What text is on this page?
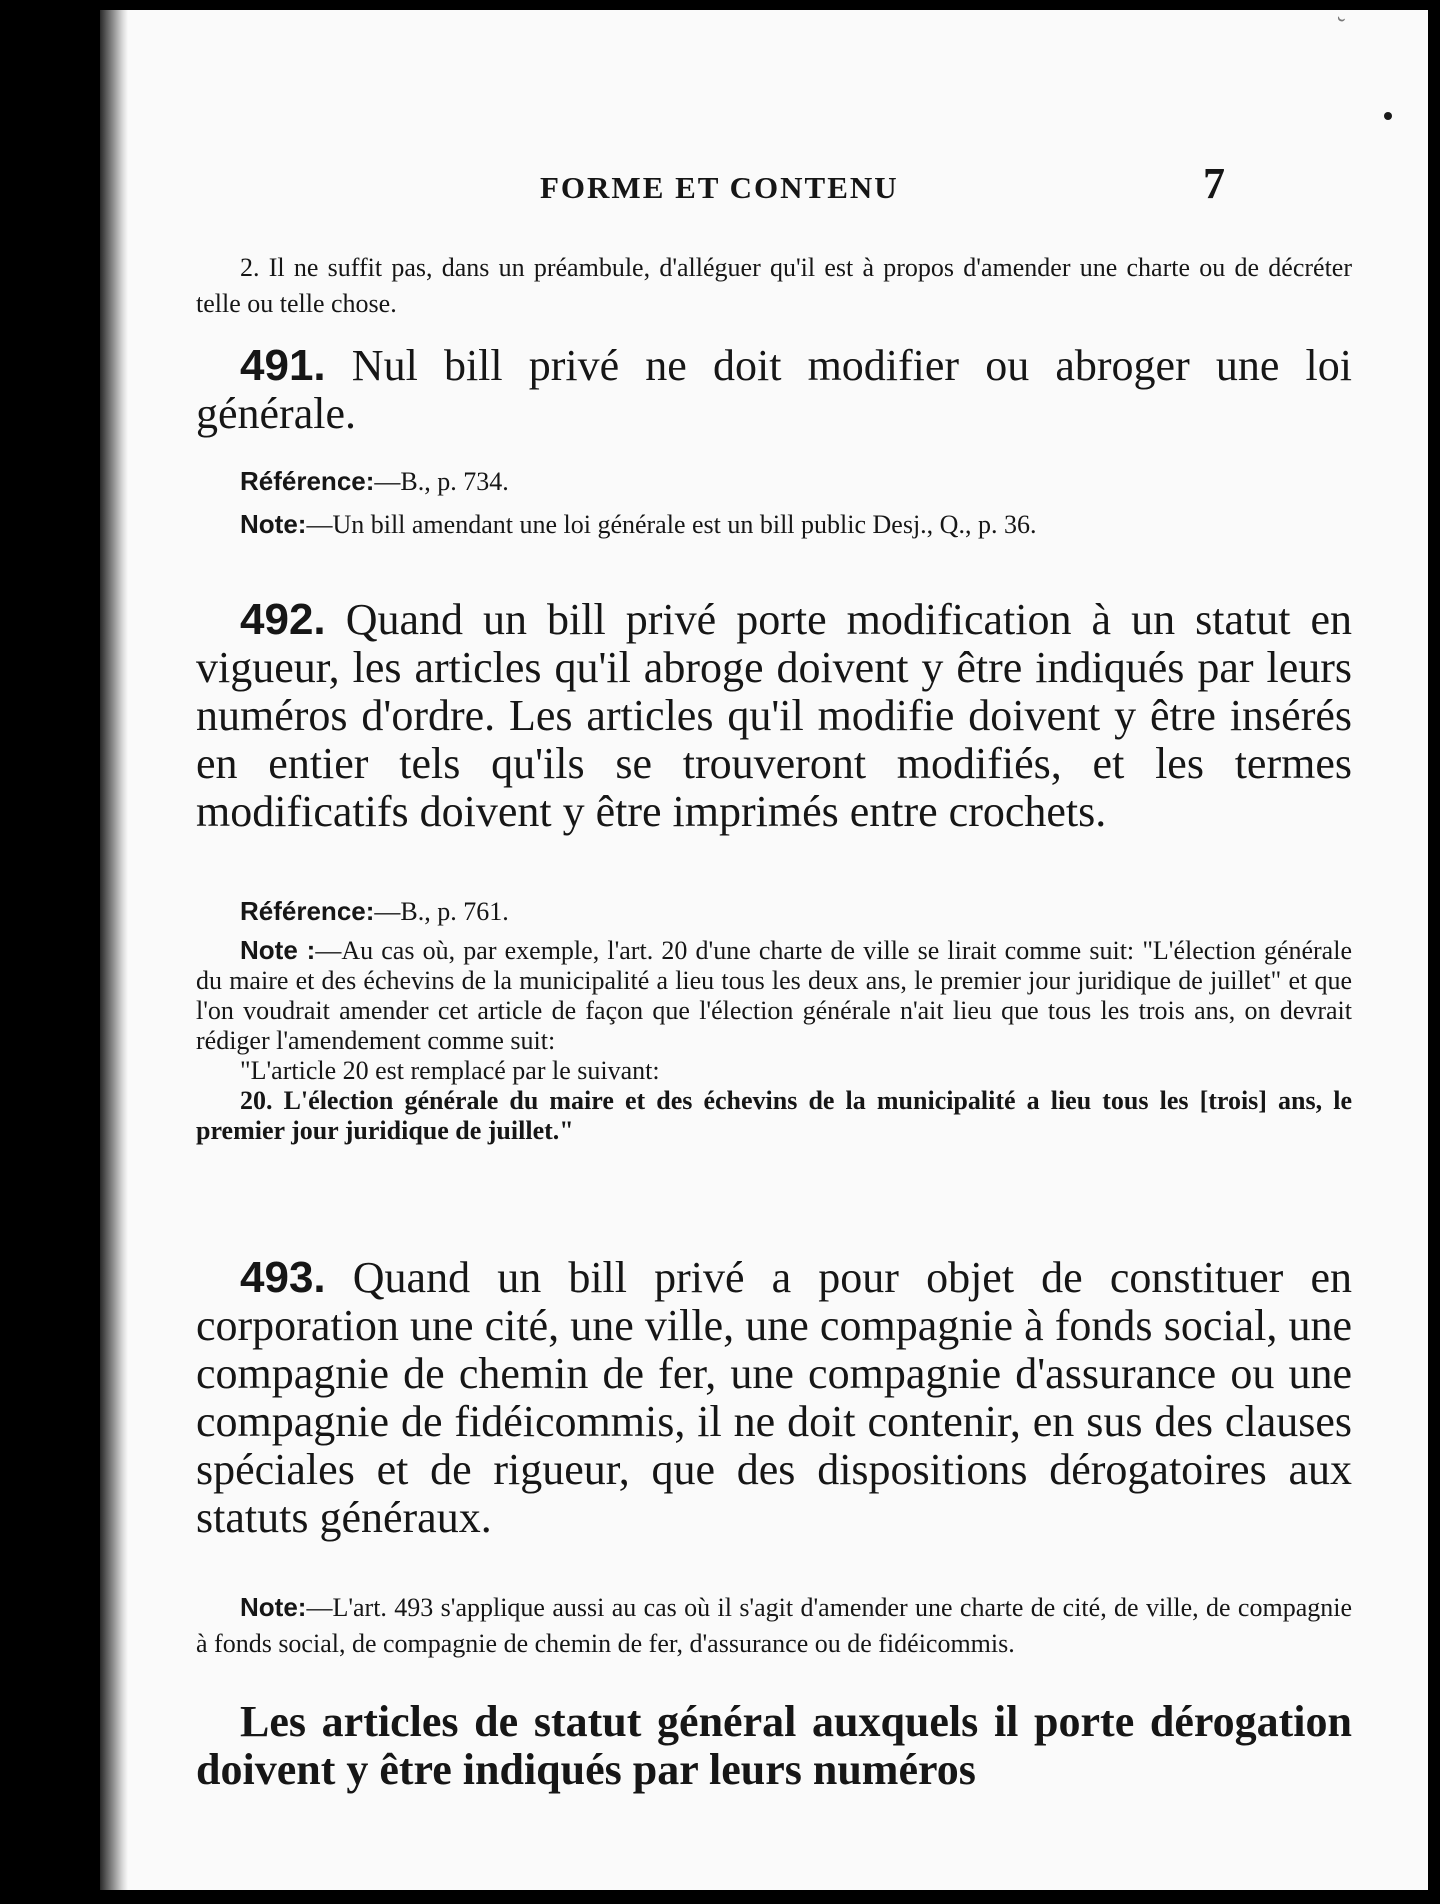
˘
FORME ET CONTENU	7
2. Il ne suffit pas, dans un préambule, d'alléguer qu'il est à propos d'amender une charte ou de décréter telle ou telle chose.
491. Nul bill privé ne doit modifier ou abroger une loi générale.
Référence:—B., p. 734.
Note:—Un bill amendant une loi générale est un bill public Desj., Q., p. 36.
492. Quand un bill privé porte modification à un statut en vigueur, les articles qu'il abroge doivent y être indiqués par leurs numéros d'ordre. Les articles qu'il modifie doivent y être insérés en entier tels qu'ils se trouveront modifiés, et les termes modificatifs doivent y être imprimés entre crochets.
Référence:—B., p. 761.
Note :—Au cas où, par exemple, l'art. 20 d'une charte de ville se lirait comme suit: "L'élection générale du maire et des échevins de la municipalité a lieu tous les deux ans, le premier jour juridique de juillet" et que l'on voudrait amender cet article de façon que l'élection générale n'ait lieu que tous les trois ans, on devrait rédiger l'amendement comme suit:
"L'article 20 est remplacé par le suivant:
20. L'élection générale du maire et des échevins de la municipalité a lieu tous les [trois] ans, le premier jour juridique de juillet."
493. Quand un bill privé a pour objet de constituer en corporation une cité, une ville, une compagnie à fonds social, une compagnie de chemin de fer, une compagnie d'assurance ou une compagnie de fidéicommis, il ne doit contenir, en sus des clauses spéciales et de rigueur, que des dispositions dérogatoires aux statuts généraux.
Note:—L'art. 493 s'applique aussi au cas où il s'agit d'amender une charte de cité, de ville, de compagnie à fonds social, de compagnie de chemin de fer, d'assurance ou de fidéicommis.
Les articles de statut général auxquels il porte dérogation doivent y être indiqués par leurs numéros
